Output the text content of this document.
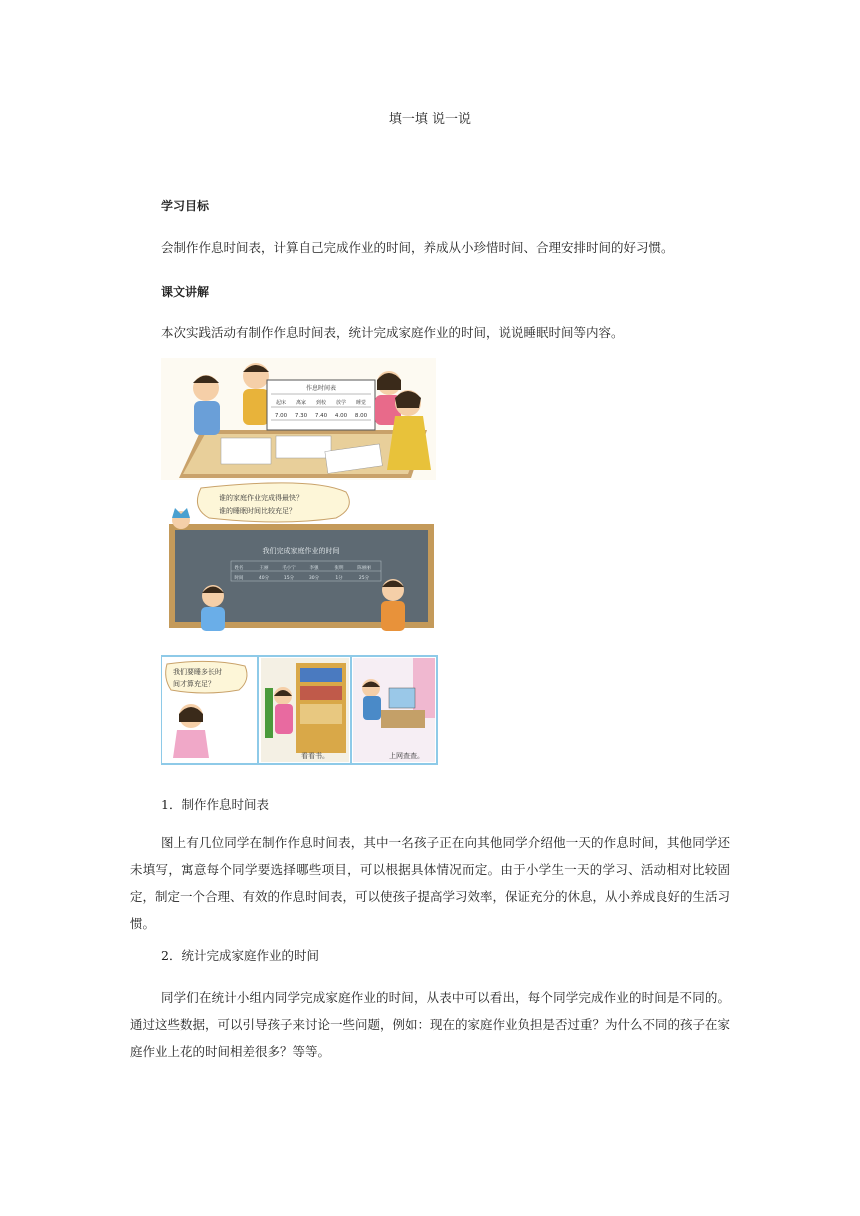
填一填 说一说
学习目标
会制作作息时间表，计算自己完成作业的时间，养成从小珍惜时间、合理安排时间的好习惯。
课文讲解
本次实践活动有制作作息时间表，统计完成家庭作业的时间，说说睡眠时间等内容。
作息时间表
起床 离家 到校 放学 睡觉
7.00 7.30 7.40 4.00 8.00
谁的家庭作业完成得最快？
谁的睡眠时间比较充足？
我们完成家庭作业的时间
姓名	王丽	毛小宁	李强	张明	陈丽丽
时间	40分	15分	30分	1分	25分
我们要睡多长时
间才算充足？
看看书。	上网查查。
1．制作作息时间表
图上有几位同学在制作作息时间表，其中一名孩子正在向其他同学介绍他一天的作息时间，其他同学还未填写，寓意每个同学要选择哪些项目，可以根据具体情况而定。由于小学生一天的学习、活动相对比较固定，制定一个合理、有效的作息时间表，可以使孩子提高学习效率，保证充分的休息，从小养成良好的生活习惯。
2．统计完成家庭作业的时间
同学们在统计小组内同学完成家庭作业的时间，从表中可以看出，每个同学完成作业的时间是不同的。通过这些数据，可以引导孩子来讨论一些问题，例如：现在的家庭作业负担是否过重？为什么不同的孩子在家庭作业上花的时间相差很多？等等。
